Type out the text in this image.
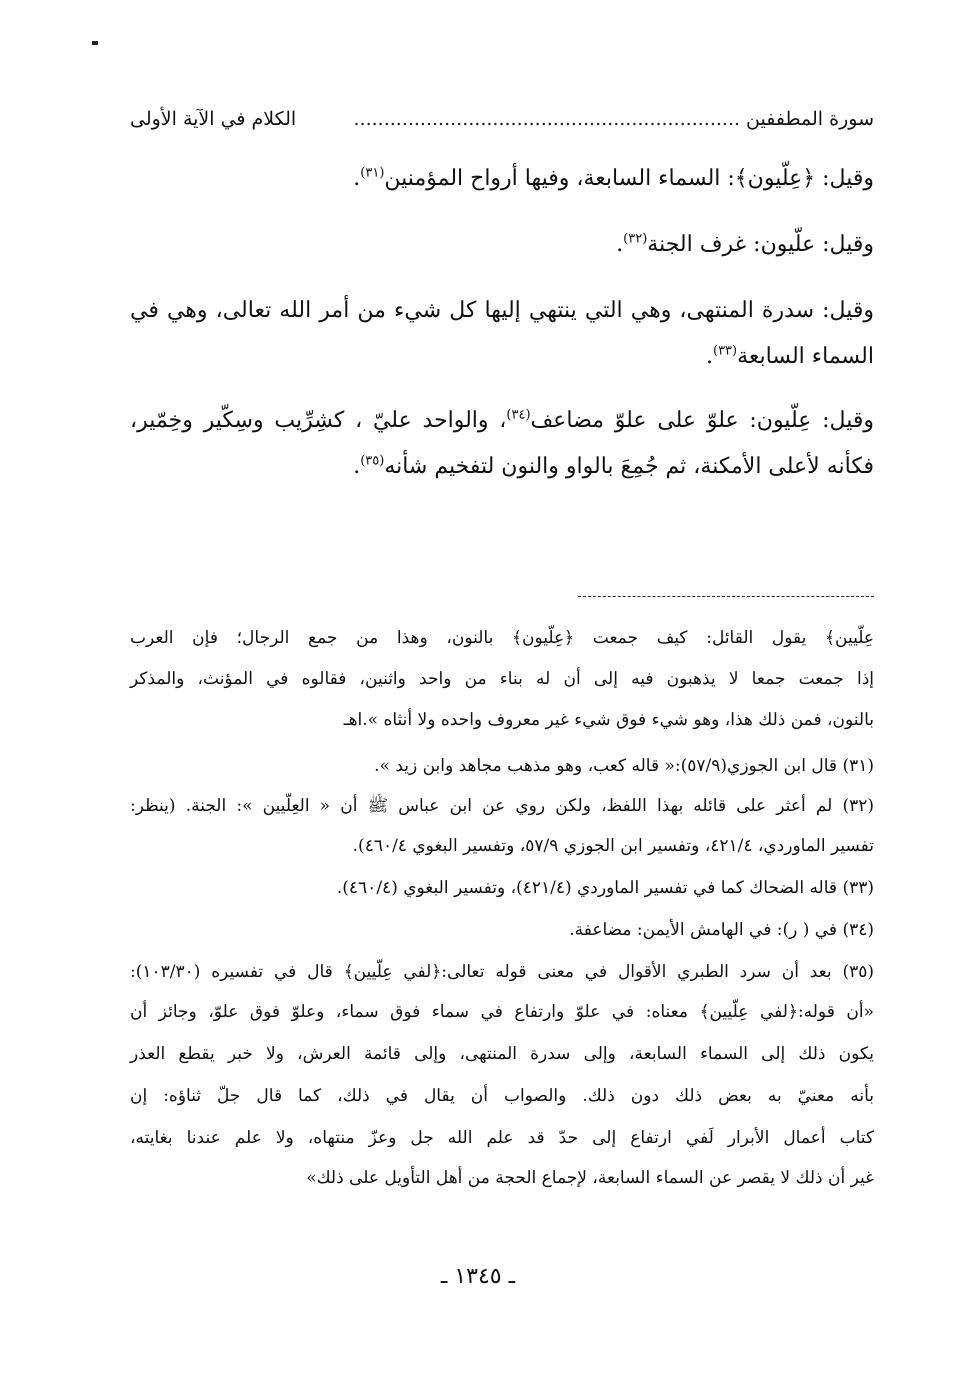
سورة المطففين
................................................................
الكلام في الآية الأولى

وقيل: ﴿عِلّيون﴾: السماء السابعة، وفيها أرواح المؤمنين$^{(٣١)}$.

وقيل: علّيون: غرف الجنة$^{(٣٢)}$.

وقيل: سدرة المنتهى، وهي التي ينتهي إليها كل شيء من أمر الله تعالى، وهي في السماء السابعة$^{(٣٣)}$.

وقيل: عِلّيون: علوّ على علوّ مضاعف$^{(٣٤)}$، والواحد عليّ ، كشِرِّيب وسِكّير وخِمّير، فكأنه لأعلى الأمكنة، ثم جُمِعَ بالواو والنون لتفخيم شأنه$^{(٣٥)}$.

عِلّيين﴾ يقول القائل: كيف جمعت ﴿عِلّيون﴾ بالنون، وهذا من جمع الرجال؛ فإن العرب
إذا جمعت جمعا لا يذهبون فيه إلى أن له بناء من واحد واثنين، فقالوه في المؤنث، والمذكر
بالنون، فمن ذلك هذا، وهو شيء فوق شيء غير معروف واحده ولا أنثاه ».اهـ
(٣١) قال ابن الجوزي(٥٧/٩):« قاله كعب، وهو مذهب مجاهد وابن زيد ».
(٣٢) لم أعثر على قائله بهذا اللفظ، ولكن روي عن ابن عباس ﷺ أن « العِلّيين »: الجنة. (ينظر:
تفسير الماوردي، ٤٢١/٤، وتفسير ابن الجوزي ٥٧/٩، وتفسير البغوي ٤٦٠/٤).
(٣٣) قاله الضحاك كما في تفسير الماوردي (٤٢١/٤)، وتفسير البغوي (٤٦٠/٤).
(٣٤) في ( ر): في الهامش الأيمن: مضاعفة.
(٣٥) بعد أن سرد الطبري الأقوال في معنى قوله تعالى:﴿لفي عِلّيين﴾ قال في تفسيره (١٠٣/٣٠):
«أن قوله:﴿لفي عِلّيين﴾ معناه: في علوّ وارتفاع في سماء فوق سماء، وعلوّ فوق علوّ، وجائز أن
يكون ذلك إلى السماء السابعة، وإلى سدرة المنتهى، وإلى قائمة العرش، ولا خبر يقطع العذر
بأنه معنيّ به بعض ذلك دون ذلك. والصواب أن يقال في ذلك، كما قال جلّ ثناؤه: إن
كتاب أعمال الأبرار لَفي ارتفاع إلى حدّ قد علم الله جل وعزّ منتهاه، ولا علم عندنا بغايته،
غير أن ذلك لا يقصر عن السماء السابعة، لإجماع الحجة من أهل التأويل على ذلك»
ـ ١٣٤٥ ـ
